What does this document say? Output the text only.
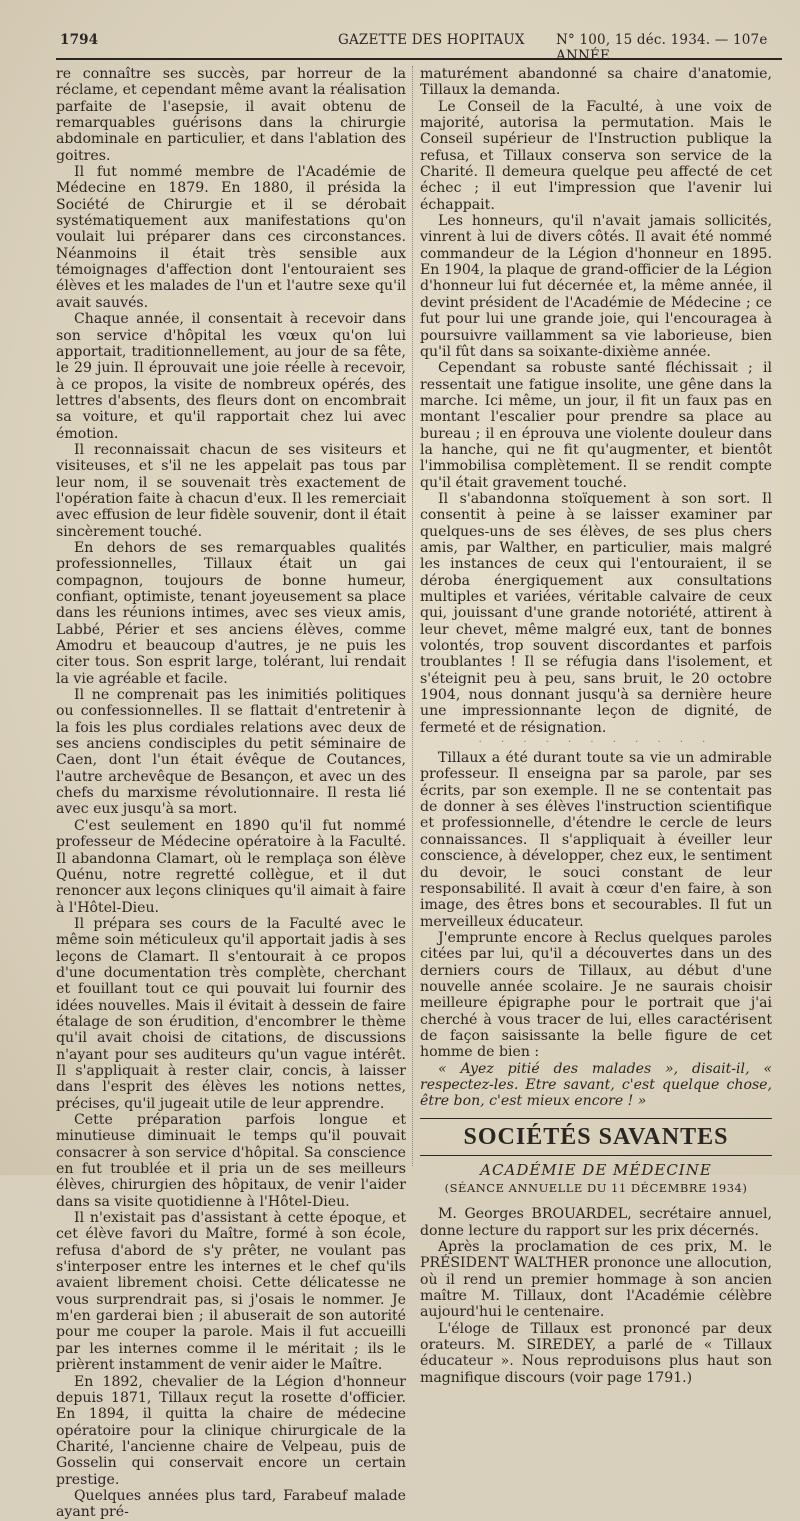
1794	GAZETTE DES HOPITAUX N° 100, 15 déc. 1934. — 107e ANNÉE.

re connaître ses succès, par horreur de la réclame, et cependant même avant la réalisation parfaite de l'asepsie, il avait obtenu de remarquables guérisons dans la chirurgie abdominale en particulier, et dans l'ablation des goitres.

Il fut nommé membre de l'Académie de Médecine en 1879. En 1880, il présida la Société de Chirurgie et il se dérobait systématiquement aux manifestations qu'on voulait lui préparer dans ces circonstances. Néanmoins il était très sensible aux témoignages d'affection dont l'entouraient ses élèves et les malades de l'un et l'autre sexe qu'il avait sauvés.

Chaque année, il consentait à recevoir dans son service d'hôpital les vœux qu'on lui apportait, traditionnellement, au jour de sa fête, le 29 juin. Il éprouvait une joie réelle à recevoir, à ce propos, la visite de nombreux opérés, des lettres d'absents, des fleurs dont on encombrait sa voiture, et qu'il rapportait chez lui avec émotion.

Il reconnaissait chacun de ses visiteurs et visiteuses, et s'il ne les appelait pas tous par leur nom, il se souvenait très exactement de l'opération faite à chacun d'eux. Il les remerciait avec effusion de leur fidèle souvenir, dont il était sincèrement touché.

En dehors de ses remarquables qualités professionnelles, Tillaux était un gai compagnon, toujours de bonne humeur, confiant, optimiste, tenant joyeusement sa place dans les réunions intimes, avec ses vieux amis, Labbé, Périer et ses anciens élèves, comme Amodru et beaucoup d'autres, je ne puis les citer tous. Son esprit large, tolérant, lui rendait la vie agréable et facile.

Il ne comprenait pas les inimitiés politiques ou confessionnelles. Il se flattait d'entretenir à la fois les plus cordiales relations avec deux de ses anciens condisciples du petit séminaire de Caen, dont l'un était évêque de Coutances, l'autre archevêque de Besançon, et avec un des chefs du marxisme révolutionnaire. Il resta lié avec eux jusqu'à sa mort.

C'est seulement en 1890 qu'il fut nommé professeur de Médecine opératoire à la Faculté. Il abandonna Clamart, où le remplaça son élève Quénu, notre regretté collègue, et il dut renoncer aux leçons cliniques qu'il aimait à faire à l'Hôtel-Dieu.

Il prépara ses cours de la Faculté avec le même soin méticuleux qu'il apportait jadis à ses leçons de Clamart. Il s'entourait à ce propos d'une documentation très complète, cherchant et fouillant tout ce qui pouvait lui fournir des idées nouvelles. Mais il évitait à dessein de faire étalage de son érudition, d'encombrer le thème qu'il avait choisi de citations, de discussions n'ayant pour ses auditeurs qu'un vague intérêt. Il s'appliquait à rester clair, concis, à laisser dans l'esprit des élèves les notions nettes, précises, qu'il jugeait utile de leur apprendre.

Cette préparation parfois longue et minutieuse diminuait le temps qu'il pouvait consacrer à son service d'hôpital. Sa conscience en fut troublée et il pria un de ses meilleurs élèves, chirurgien des hôpitaux, de venir l'aider dans sa visite quotidienne à l'Hôtel-Dieu.

Il n'existait pas d'assistant à cette époque, et cet élève favori du Maître, formé à son école, refusa d'abord de s'y prêter, ne voulant pas s'interposer entre les internes et le chef qu'ils avaient librement choisi. Cette délicatesse ne vous surprendrait pas, si j'osais le nommer. Je m'en garderai bien ; il abuserait de son autorité pour me couper la parole. Mais il fut accueilli par les internes comme il le méritait ; ils le prièrent instamment de venir aider le Maître.

En 1892, chevalier de la Légion d'honneur depuis 1871, Tillaux reçut la rosette d'officier. En 1894, il quitta la chaire de médecine opératoire pour la clinique chirurgicale de la Charité, l'ancienne chaire de Velpeau, puis de Gosselin qui conservait encore un certain prestige.

Quelques années plus tard, Farabeuf malade ayant pré-

maturément abandonné sa chaire d'anatomie, Tillaux la demanda.

Le Conseil de la Faculté, à une voix de majorité, autorisa la permutation. Mais le Conseil supérieur de l'Instruction publique la refusa, et Tillaux conserva son service de la Charité. Il demeura quelque peu affecté de cet échec ; il eut l'impression que l'avenir lui échappait.

Les honneurs, qu'il n'avait jamais sollicités, vinrent à lui de divers côtés. Il avait été nommé commandeur de la Légion d'honneur en 1895. En 1904, la plaque de grand-officier de la Légion d'honneur lui fut décernée et, la même année, il devint président de l'Académie de Médecine ; ce fut pour lui une grande joie, qui l'encouragea à poursuivre vaillamment sa vie laborieuse, bien qu'il fût dans sa soixante-dixième année.

Cependant sa robuste santé fléchissait ; il ressentait une fatigue insolite, une gêne dans la marche. Ici même, un jour, il fit un faux pas en montant l'escalier pour prendre sa place au bureau ; il en éprouva une violente douleur dans la hanche, qui ne fit qu'augmenter, et bientôt l'immobilisa complètement. Il se rendit compte qu'il était gravement touché.

Il s'abandonna stoïquement à son sort. Il consentit à peine à se laisser examiner par quelques-uns de ses élèves, de ses plus chers amis, par Walther, en particulier, mais malgré les instances de ceux qui l'entouraient, il se déroba énergiquement aux consultations multiples et variées, véritable calvaire de ceux qui, jouissant d'une grande notoriété, attirent à leur chevet, même malgré eux, tant de bonnes volontés, trop souvent discordantes et parfois troublantes ! Il se réfugia dans l'isolement, et s'éteignit peu à peu, sans bruit, le 20 octobre 1904, nous donnant jusqu'à sa dernière heure une impressionnante leçon de dignité, de fermeté et de résignation.

· · · · · · · · · · ·

Tillaux a été durant toute sa vie un admirable professeur. Il enseigna par sa parole, par ses écrits, par son exemple. Il ne se contentait pas de donner à ses élèves l'instruction scientifique et professionnelle, d'étendre le cercle de leurs connaissances. Il s'appliquait à éveiller leur conscience, à développer, chez eux, le sentiment du devoir, le souci constant de leur responsabilité. Il avait à cœur d'en faire, à son image, des êtres bons et secourables. Il fut un merveilleux éducateur.

J'emprunte encore à Reclus quelques paroles citées par lui, qu'il a découvertes dans un des derniers cours de Tillaux, au début d'une nouvelle année scolaire. Je ne saurais choisir meilleure épigraphe pour le portrait que j'ai cherché à vous tracer de lui, elles caractérisent de façon saisissante la belle figure de cet homme de bien :

« Ayez pitié des malades », disait-il, « respectez-les. Etre savant, c'est quelque chose, être bon, c'est mieux encore ! »

SOCIÉTÉS SAVANTES
ACADÉMIE DE MÉDECINE
(SÉANCE ANNUELLE DU 11 DÉCEMBRE 1934)

M. Georges BROUARDEL, secrétaire annuel, donne lecture du rapport sur les prix décernés.

Après la proclamation de ces prix, M. le PRÉSIDENT WALTHER prononce une allocution, où il rend un premier hommage à son ancien maître M. Tillaux, dont l'Académie célèbre aujourd'hui le centenaire.

L'éloge de Tillaux est prononcé par deux orateurs. M. SIREDEY, a parlé de « Tillaux éducateur ». Nous reproduisons plus haut son magnifique discours (voir page 1791.)
